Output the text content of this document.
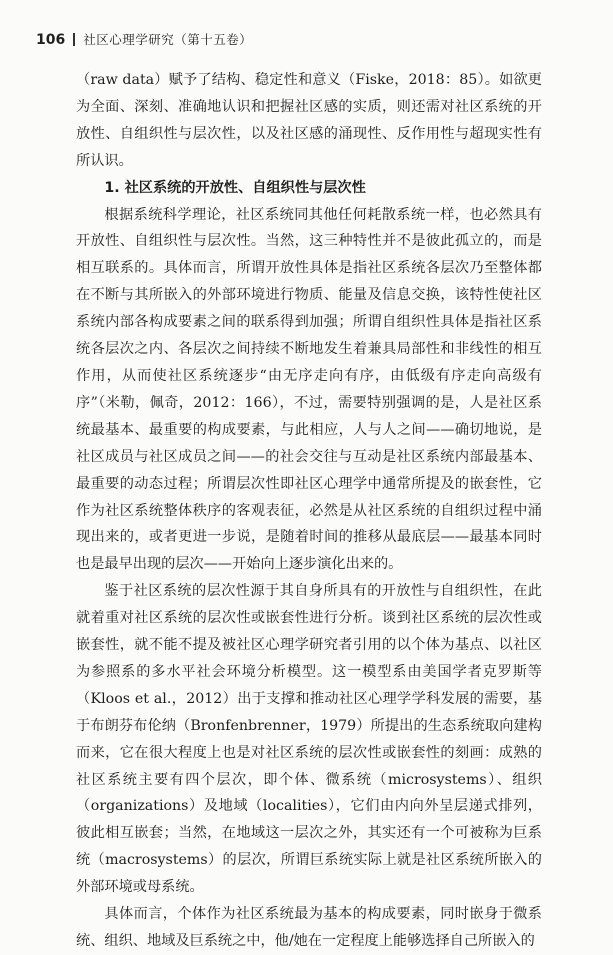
106 社区心理学研究（第十五卷）

（raw data）赋予了结构、稳定性和意义（Fiske，2018：85）。如欲更为全面、深刻、准确地认识和把握社区感的实质，则还需对社区系统的开放性、自组织性与层次性，以及社区感的涌现性、反作用性与超现实性有所认识。

1. 社区系统的开放性、自组织性与层次性

根据系统科学理论，社区系统同其他任何耗散系统一样，也必然具有开放性、自组织性与层次性。当然，这三种特性并不是彼此孤立的，而是相互联系的。具体而言，所谓开放性具体是指社区系统各层次乃至整体都在不断与其所嵌入的外部环境进行物质、能量及信息交换，该特性使社区系统内部各构成要素之间的联系得到加强；所谓自组织性具体是指社区系统各层次之内、各层次之间持续不断地发生着兼具局部性和非线性的相互作用，从而使社区系统逐步“由无序走向有序，由低级有序走向高级有序”（米勒，佩奇，2012：166），不过，需要特别强调的是，人是社区系统最基本、最重要的构成要素，与此相应，人与人之间——确切地说，是社区成员与社区成员之间——的社会交往与互动是社区系统内部最基本、最重要的动态过程；所谓层次性即社区心理学中通常所提及的嵌套性，它作为社区系统整体秩序的客观表征，必然是从社区系统的自组织过程中涌现出来的，或者更进一步说，是随着时间的推移从最底层——最基本同时也是最早出现的层次——开始向上逐步演化出来的。

鉴于社区系统的层次性源于其自身所具有的开放性与自组织性，在此就着重对社区系统的层次性或嵌套性进行分析。谈到社区系统的层次性或嵌套性，就不能不提及被社区心理学研究者引用的以个体为基点、以社区为参照系的多水平社会环境分析模型。这一模型系由美国学者克罗斯等（Kloos et al.，2012）出于支撑和推动社区心理学学科发展的需要，基于布朗芬布伦纳（Bronfenbrenner，1979）所提出的生态系统取向建构而来，它在很大程度上也是对社区系统的层次性或嵌套性的刻画：成熟的社区系统主要有四个层次，即个体、微系统（microsystems）、组织（organizations）及地域（localities），它们由内向外呈层递式排列，彼此相互嵌套；当然，在地域这一层次之外，其实还有一个可被称为巨系统（macrosystems）的层次，所谓巨系统实际上就是社区系统所嵌入的外部环境或母系统。

具体而言，个体作为社区系统最为基本的构成要素，同时嵌身于微系统、组织、地域及巨系统之中，他/她在一定程度上能够选择自己所嵌入的
